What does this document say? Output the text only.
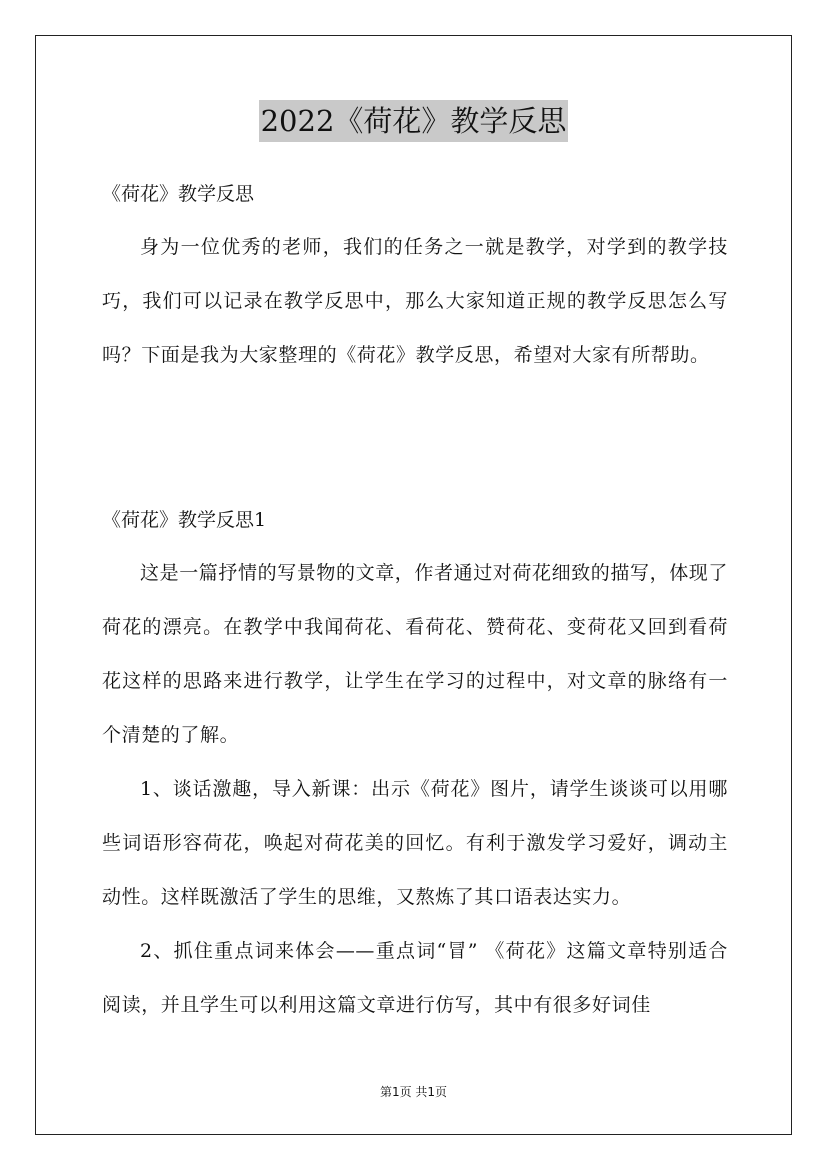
2022《荷花》教学反思

《荷花》教学反思

身为一位优秀的老师，我们的任务之一就是教学，对学到的教学技巧，我们可以记录在教学反思中，那么大家知道正规的教学反思怎么写吗？下面是我为大家整理的《荷花》教学反思，希望对大家有所帮助。

《荷花》教学反思1

这是一篇抒情的写景物的文章，作者通过对荷花细致的描写，体现了荷花的漂亮。在教学中我闻荷花、看荷花、赞荷花、变荷花又回到看荷花这样的思路来进行教学，让学生在学习的过程中，对文章的脉络有一个清楚的了解。

1、谈话激趣，导入新课：出示《荷花》图片，请学生谈谈可以用哪些词语形容荷花，唤起对荷花美的回忆。有利于激发学习爱好，调动主动性。这样既激活了学生的思维，又熬炼了其口语表达实力。

2、抓住重点词来体会——重点词“冒” 《荷花》这篇文章特别适合阅读，并且学生可以利用这篇文章进行仿写，其中有很多好词佳

第1页 共1页
